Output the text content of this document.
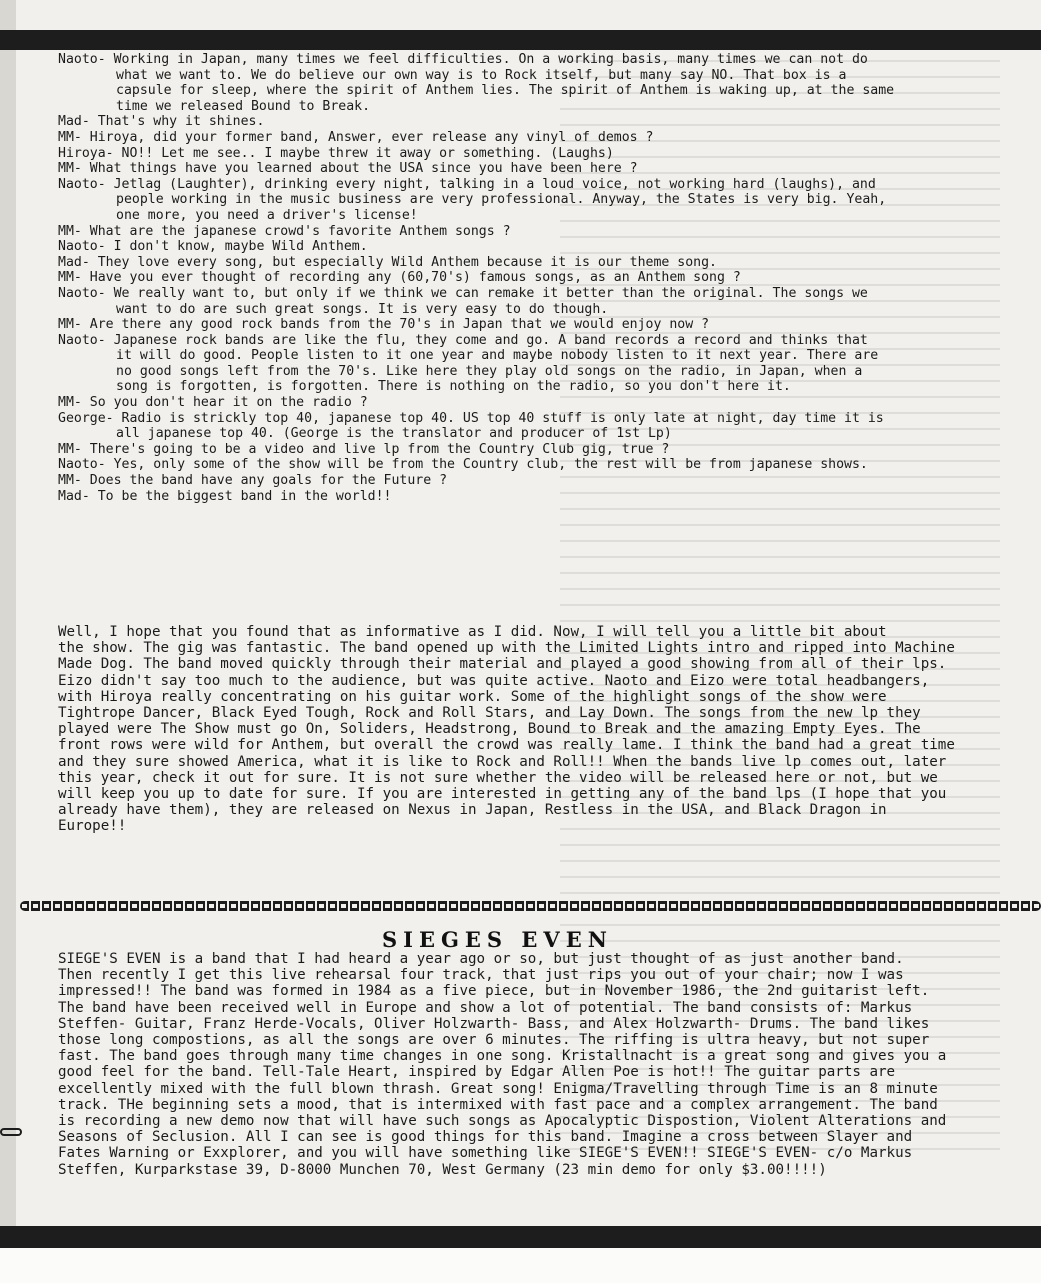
Naoto- Working in Japan, many times we feel difficulties. On a working basis, many times we can not do
what we want to. We do believe our own way is to Rock itself, but many say NO. That box is a
capsule for sleep, where the spirit of Anthem lies. The spirit of Anthem is waking up, at the same
time we released Bound to Break.
Mad- That's why it shines.
MM- Hiroya, did your former band, Answer, ever release any vinyl of demos ?
Hiroya- NO!! Let me see.. I maybe threw it away or something. (Laughs)
MM- What things have you learned about the USA since you have been here ?
Naoto- Jetlag (Laughter), drinking every night, talking in a loud voice, not working hard (laughs), and
people working in the music business are very professional. Anyway, the States is very big. Yeah,
one more, you need a driver's license!
MM- What are the japanese crowd's favorite Anthem songs ?
Naoto- I don't know, maybe Wild Anthem.
Mad- They love every song, but especially Wild Anthem because it is our theme song.
MM- Have you ever thought of recording any (60,70's) famous songs, as an Anthem song ?
Naoto- We really want to, but only if we think we can remake it better than the original. The songs we
want to do are such great songs. It is very easy to do though.
MM- Are there any good rock bands from the 70's in Japan that we would enjoy now ?
Naoto- Japanese rock bands are like the flu, they come and go. A band records a record and thinks that
it will do good. People listen to it one year and maybe nobody listen to it next year. There are
no good songs left from the 70's. Like here they play old songs on the radio, in Japan, when a
song is forgotten, is forgotten. There is nothing on the radio, so you don't here it.
MM- So you don't hear it on the radio ?
George- Radio is strickly top 40, japanese top 40. US top 40 stuff is only late at night, day time it is
all japanese top 40. (George is the translator and producer of 1st Lp)
MM- There's going to be a video and live lp from the Country Club gig, true ?
Naoto- Yes, only some of the show will be from the Country club, the rest will be from japanese shows.
MM- Does the band have any goals for the Future ?
Mad- To be the biggest band in the world!!
Well, I hope that you found that as informative as I did. Now, I will tell you a little bit about
the show. The gig was fantastic. The band opened up with the Limited Lights intro and ripped into Machine
Made Dog. The band moved quickly through their material and played a good showing from all of their lps.
Eizo didn't say too much to the audience, but was quite active. Naoto and Eizo were total headbangers,
with Hiroya really concentrating on his guitar work. Some of the highlight songs of the show were
Tightrope Dancer, Black Eyed Tough, Rock and Roll Stars, and Lay Down. The songs from the new lp they
played were The Show must go On, Soliders, Headstrong, Bound to Break and the amazing Empty Eyes. The
front rows were wild for Anthem, but overall the crowd was really lame. I think the band had a great time
and they sure showed America, what it is like to Rock and Roll!! When the bands live lp comes out, later
this year, check it out for sure. It is not sure whether the video will be released here or not, but we
will keep you up to date for sure. If you are interested in getting any of the band lps (I hope that you
already have them), they are released on Nexus in Japan, Restless in the USA, and Black Dragon in
Europe!!
SIEGES EVEN
SIEGE'S EVEN is a band that I had heard a year ago or so, but just thought of as just another band.
Then recently I get this live rehearsal four track, that just rips you out of your chair; now I was
impressed!! The band was formed in 1984 as a five piece, but in November 1986, the 2nd guitarist left.
The band have been received well in Europe and show a lot of potential. The band consists of: Markus
Steffen- Guitar, Franz Herde-Vocals, Oliver Holzwarth- Bass, and Alex Holzwarth- Drums. The band likes
those long compostions, as all the songs are over 6 minutes. The riffing is ultra heavy, but not super
fast. The band goes through many time changes in one song. Kristallnacht is a great song and gives you a
good feel for the band. Tell-Tale Heart, inspired by Edgar Allen Poe is hot!! The guitar parts are
excellently mixed with the full blown thrash. Great song! Enigma/Travelling through Time is an 8 minute
track. THe beginning sets a mood, that is intermixed with fast pace and a complex arrangement. The band
is recording a new demo now that will have such songs as Apocalyptic Dispostion, Violent Alterations and
Seasons of Seclusion. All I can see is good things for this band. Imagine a cross between Slayer and
Fates Warning or Exxplorer, and you will have something like SIEGE'S EVEN!! SIEGE'S EVEN- c/o Markus
Steffen, Kurparkstase 39, D-8000 Munchen 70, West Germany (23 min demo for only $3.00!!!!)
